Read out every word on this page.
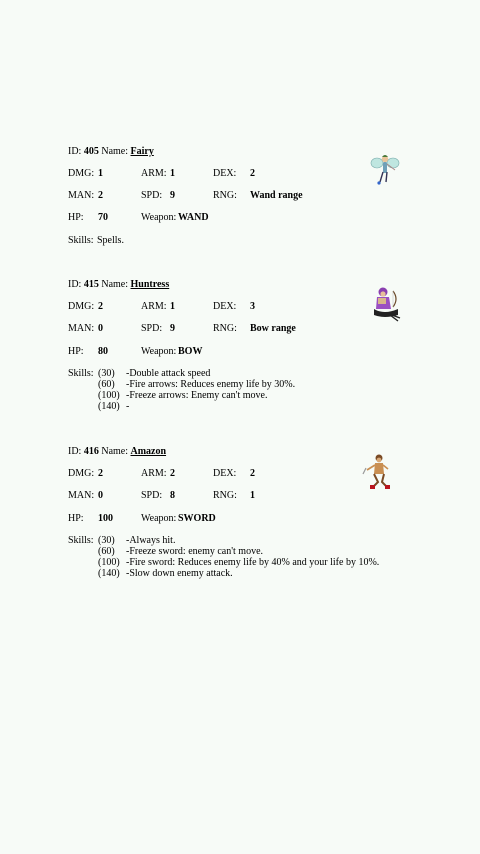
ID: 405 Name: Fairy
DMG: 1	ARM: 1	DEX: 2
MAN: 2	SPD: 9	RNG: Wand range
HP: 70	Weapon: WAND
Skills: Spells.
ID: 415 Name: Huntress
DMG: 2	ARM: 1	DEX: 3
MAN: 0	SPD: 9	RNG: Bow range
HP: 80	Weapon: BOW
Skills: (30) -Double attack speed
(60) -Fire arrows: Reduces enemy life by 30%.
(100) -Freeze arrows: Enemy can't move.
(140) -
ID: 416 Name: Amazon
DMG: 2	ARM: 2	DEX: 2
MAN: 0	SPD: 8	RNG: 1
HP: 100	Weapon: SWORD
Skills: (30) -Always hit.
(60) -Freeze sword: enemy can't move.
(100) -Fire sword: Reduces enemy life by 40% and your life by 10%.
(140) -Slow down enemy attack.
